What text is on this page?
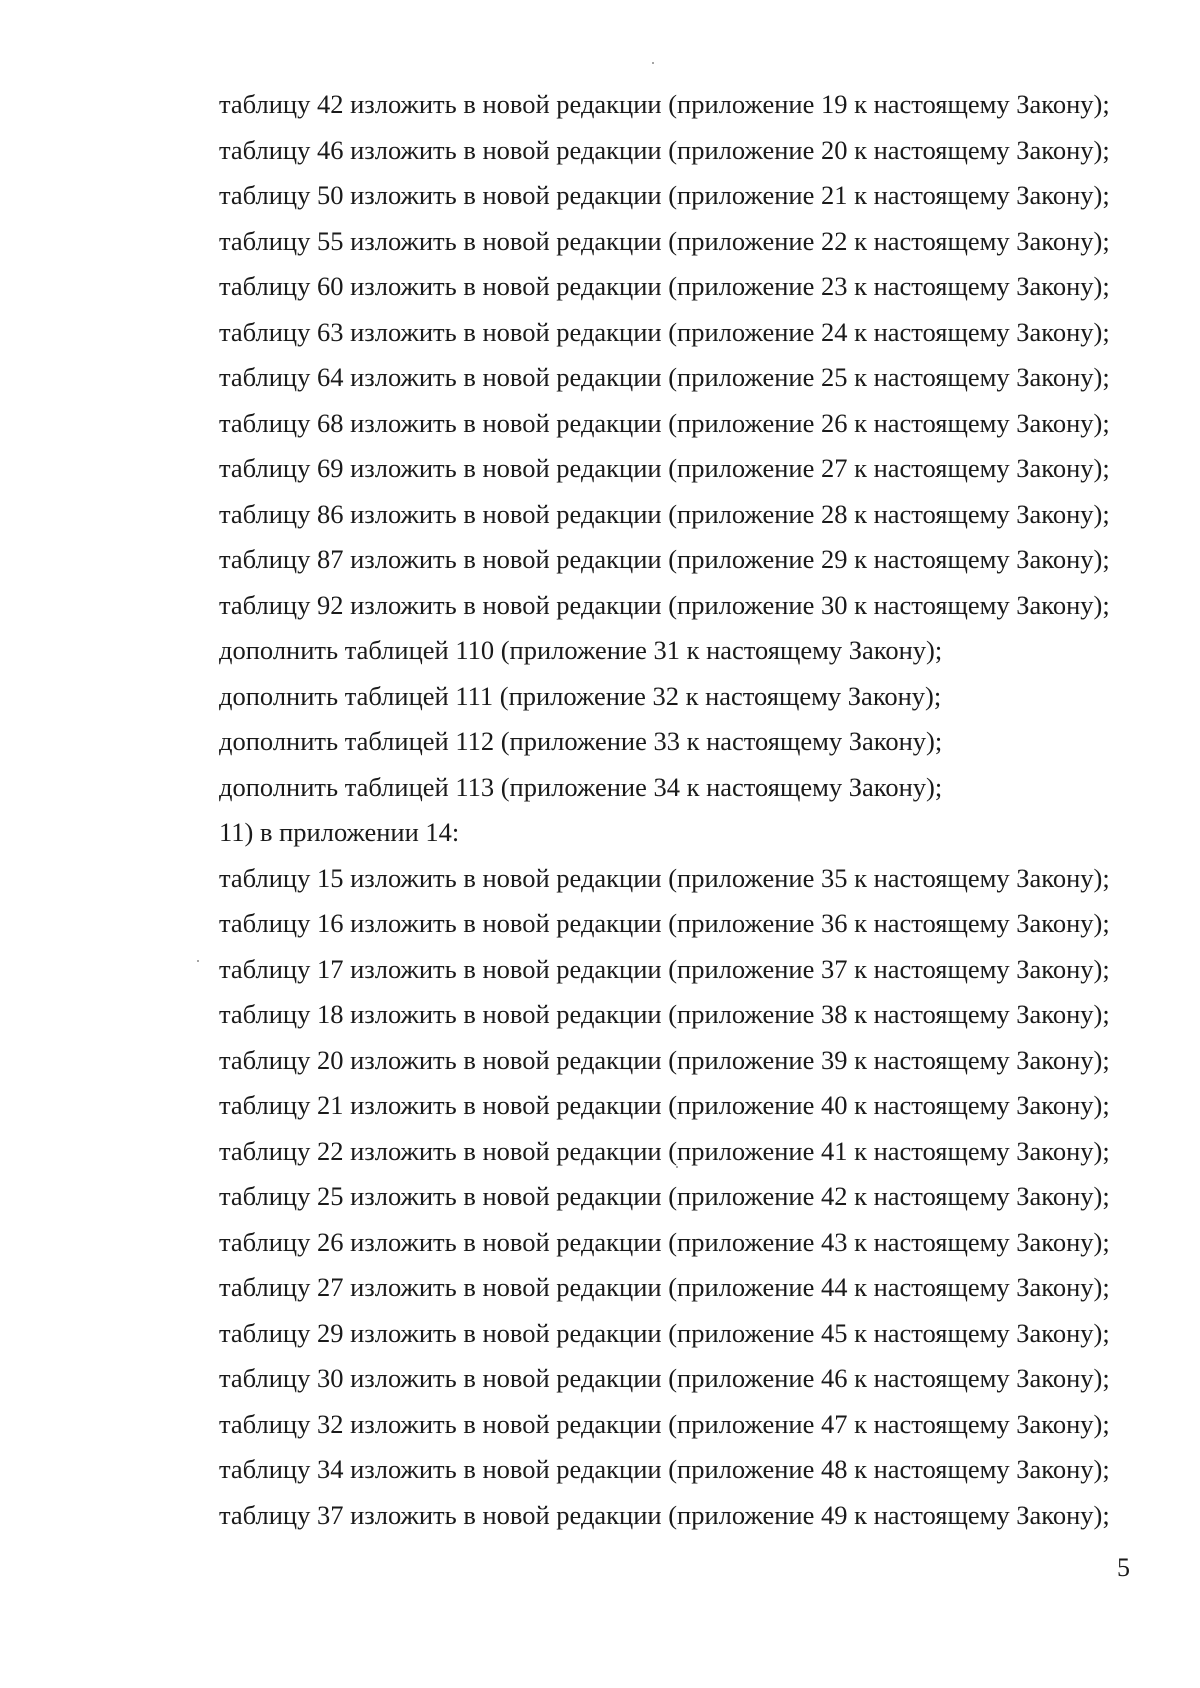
таблицу 42 изложить в новой редакции (приложение 19 к настоящему Закону);
таблицу 46 изложить в новой редакции (приложение 20 к настоящему Закону);
таблицу 50 изложить в новой редакции (приложение 21 к настоящему Закону);
таблицу 55 изложить в новой редакции (приложение 22 к настоящему Закону);
таблицу 60 изложить в новой редакции (приложение 23 к настоящему Закону);
таблицу 63 изложить в новой редакции (приложение 24 к настоящему Закону);
таблицу 64 изложить в новой редакции (приложение 25 к настоящему Закону);
таблицу 68 изложить в новой редакции (приложение 26 к настоящему Закону);
таблицу 69 изложить в новой редакции (приложение 27 к настоящему Закону);
таблицу 86 изложить в новой редакции (приложение 28 к настоящему Закону);
таблицу 87 изложить в новой редакции (приложение 29 к настоящему Закону);
таблицу 92 изложить в новой редакции (приложение 30 к настоящему Закону);
дополнить таблицей 110 (приложение 31 к настоящему Закону);
дополнить таблицей 111 (приложение 32 к настоящему Закону);
дополнить таблицей 112 (приложение 33 к настоящему Закону);
дополнить таблицей 113 (приложение 34 к настоящему Закону);
11) в приложении 14:
таблицу 15 изложить в новой редакции (приложение 35 к настоящему Закону);
таблицу 16 изложить в новой редакции (приложение 36 к настоящему Закону);
таблицу 17 изложить в новой редакции (приложение 37 к настоящему Закону);
таблицу 18 изложить в новой редакции (приложение 38 к настоящему Закону);
таблицу 20 изложить в новой редакции (приложение 39 к настоящему Закону);
таблицу 21 изложить в новой редакции (приложение 40 к настоящему Закону);
таблицу 22 изложить в новой редакции (приложение 41 к настоящему Закону);
таблицу 25 изложить в новой редакции (приложение 42 к настоящему Закону);
таблицу 26 изложить в новой редакции (приложение 43 к настоящему Закону);
таблицу 27 изложить в новой редакции (приложение 44 к настоящему Закону);
таблицу 29 изложить в новой редакции (приложение 45 к настоящему Закону);
таблицу 30 изложить в новой редакции (приложение 46 к настоящему Закону);
таблицу 32 изложить в новой редакции (приложение 47 к настоящему Закону);
таблицу 34 изложить в новой редакции (приложение 48 к настоящему Закону);
таблицу 37 изложить в новой редакции (приложение 49 к настоящему Закону);
5
